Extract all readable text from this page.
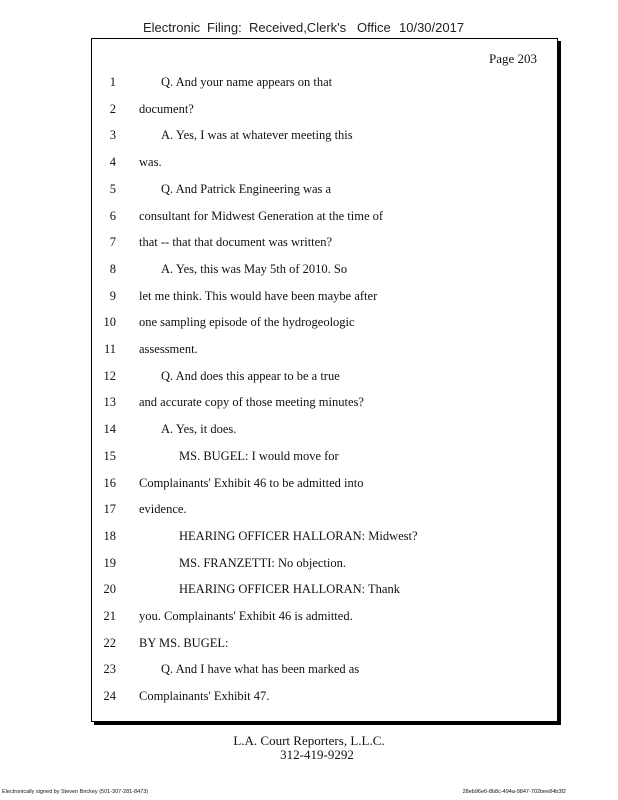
Electronic Filing: Received,Clerk's Office 10/30/2017
Page 203
1	Q. And your name appears on that
2 document?
3	A. Yes, I was at whatever meeting this
4 was.
5	Q. And Patrick Engineering was a
6 consultant for Midwest Generation at the time of
7 that -- that that document was written?
8	A. Yes, this was May 5th of 2010. So
9 let me think. This would have been maybe after
10 one sampling episode of the hydrogeologic
11 assessment.
12	Q. And does this appear to be a true
13 and accurate copy of those meeting minutes?
14	A. Yes, it does.
15	MS. BUGEL: I would move for
16 Complainants' Exhibit 46 to be admitted into
17 evidence.
18	HEARING OFFICER HALLORAN: Midwest?
19	MS. FRANZETTI: No objection.
20	HEARING OFFICER HALLORAN: Thank
21 you. Complainants' Exhibit 46 is admitted.
22 BY MS. BUGEL:
23	Q. And I have what has been marked as
24 Complainants' Exhibit 47.
L.A. Court Reporters, L.L.C.
312-419-9292
Electronically signed by Steven Brickey (501-307-281-8473)	28eb96e6-8b8c-494a-9847-702bee84b3f2
